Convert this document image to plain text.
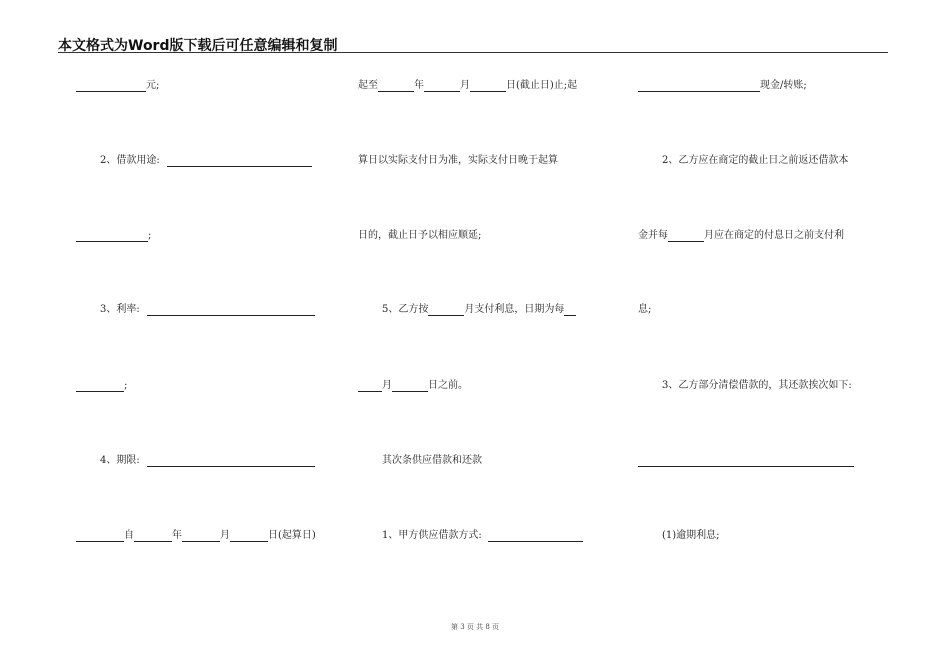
本文格式为Word版下载后可任意编辑和复制
元;
2、借款用途:
;
3、利率:
;
4、期限:
自	年	月	日(起算日)
起至	年	月	日(截止日)止;起
算日以实际支付日为准，实际支付日晚于起算
日的，截止日予以相应顺延;
5、乙方按	月支付利息，日期为每
月	日之前。
其次条供应借款和还款
1、甲方供应借款方式:
现金/转账;
2、乙方应在商定的截止日之前返还借款本
金并每	月应在商定的付息日之前支付利
息;
3、乙方部分清偿借款的，其还款挨次如下:
(1)逾期利息;
第 3 页 共 8 页
